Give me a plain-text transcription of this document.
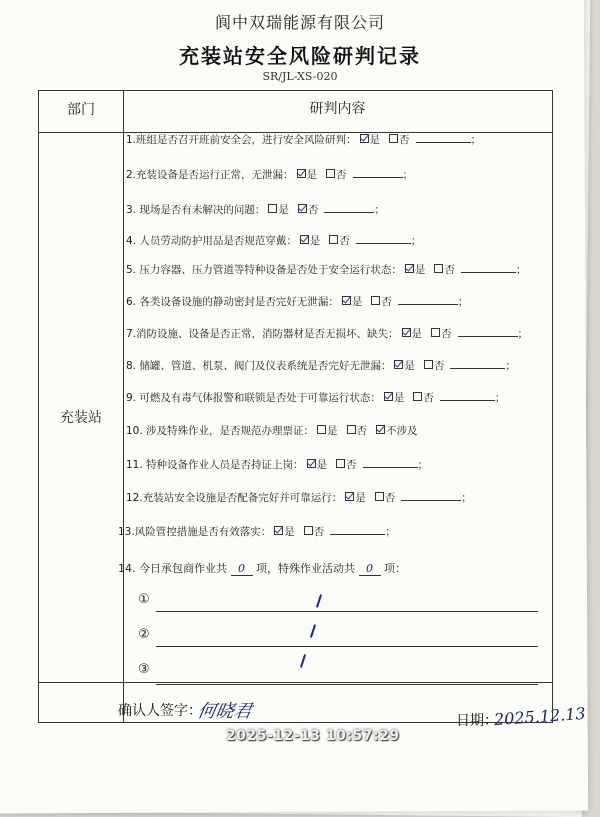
阆中双瑞能源有限公司
充装站安全风险研判记录
SR/JL-XS-020
部门	研判内容
充装站
1.班组是否召开班前安全会，进行安全风险研判： 是 否	；
2.充装设备是否运行正常，无泄漏： 是 否	；
3. 现场是否有未解决的问题： 是 否	；
4. 人员劳动防护用品是否规范穿戴： 是 否	；
5. 压力容器、压力管道等特种设备是否处于安全运行状态： 是 否	；
6. 各类设备设施的静动密封是否完好无泄漏： 是 否	；
7.消防设施、设备是否正常，消防器材是否无损坏、缺失： 是 否	；
8. 储罐、管道、机泵、阀门及仪表系统是否完好无泄漏： 是 否	；
9. 可燃及有毒气体报警和联锁是否处于可靠运行状态： 是 否	；
10. 涉及特殊作业，是否规范办理票证： 是 否 不涉及
11. 特种设备作业人员是否持证上岗： 是 否	；
12.充装站安全设施是否配备完好并可靠运行： 是 否	；
13.风险管控措施是否有效落实： 是 否	；
14. 今日承包商作业共 0 项，特殊作业活动共 0 项：
①
②
③
确认人签字：
何晓君	日期：
2025.12.13
2025-12-13 10:57:29
